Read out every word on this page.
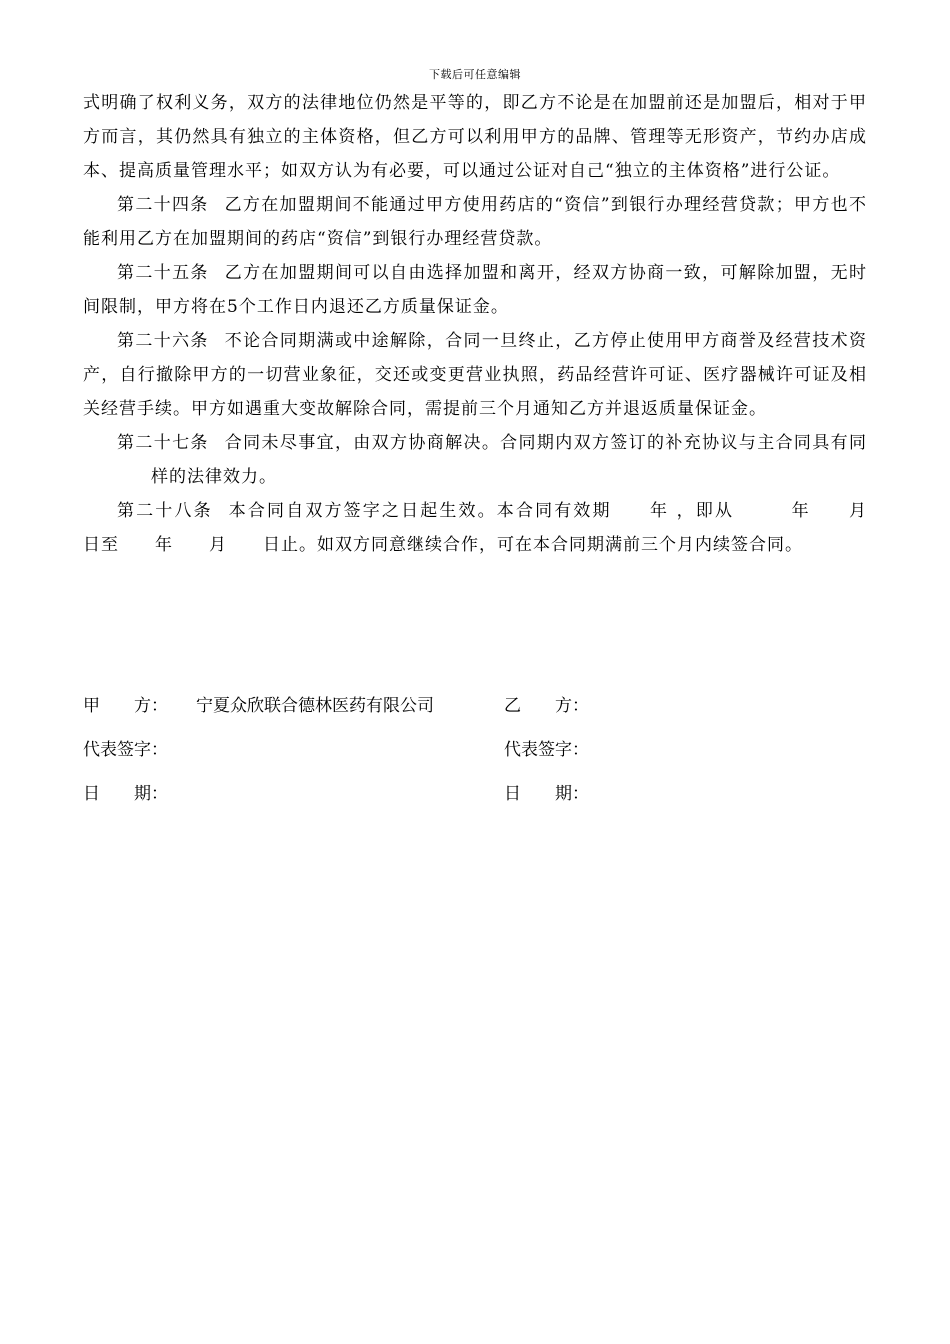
下载后可任意编辑

式明确了权利义务，双方的法律地位仍然是平等的，即乙方不论是在加盟前还是加盟后，相对于甲方而言，其仍然具有独立的主体资格，但乙方可以利用甲方的品牌、管理等无形资产，节约办店成本、提高质量管理水平；如双方认为有必要，可以通过公证对自己“独立的主体资格”进行公证。

第二十四条 乙方在加盟期间不能通过甲方使用药店的“资信”到银行办理经营贷款；甲方也不能利用乙方在加盟期间的药店“资信”到银行办理经营贷款。

第二十五条 乙方在加盟期间可以自由选择加盟和离开，经双方协商一致，可解除加盟，无时间限制，甲方将在5个工作日内退还乙方质量保证金。

第二十六条 不论合同期满或中途解除，合同一旦终止，乙方停止使用甲方商誉及经营技术资产，自行撤除甲方的一切营业象征，交还或变更营业执照，药品经营许可证、医疗器械许可证及相关经营手续。甲方如遇重大变故解除合同，需提前三个月通知乙方并退返质量保证金。

第二十七条 合同未尽事宜，由双方协商解决。合同期内双方签订的补充协议与主合同具有同样的法律效力。

第二十八条 本合同自双方签字之日起生效。本合同有效期　　年 ，即从　　　年　　月　　日至　　年　　月　　日止。如双方同意继续合作，可在本合同期满前三个月内续签合同。

甲　　方： 宁夏众欣联合德林医药有限公司	乙　　方：
代表签字：	代表签字：
日　　期：	日　　期：
